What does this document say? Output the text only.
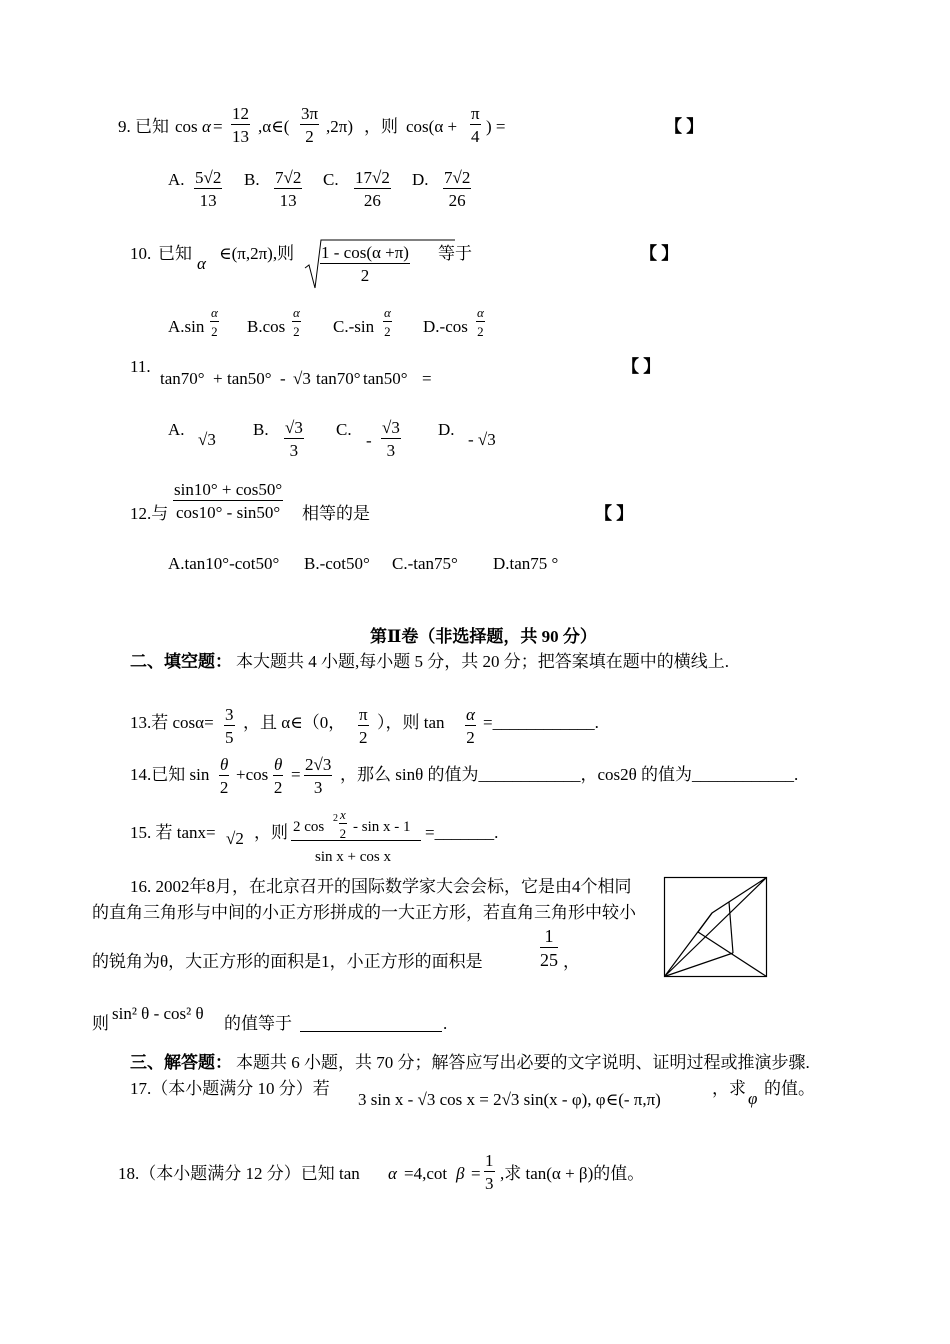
9. 已知 $\cos \alpha = \frac{12}{13}$ ,α∈( $\frac{3\pi}{2} ,2\pi$) ，则 $\cos(\alpha + \frac{\pi}{4}$ ) =	【 】
A. $\frac{5√2}{13} B$. $\frac{7√2}{13} C$. $\frac{17√2}{26} D$. $\frac{7√2}{26}$
10. 已知
α
∈(π,2π),则 $\frac{1 - \cos(\alpha +\pi)}{2}$ 等于	【 】
$A.\sin \frac{\alpha}{2} B.\cos \frac{\alpha}{2} C.-\sin \frac{\alpha}{2} D.-\cos \frac{\alpha}{2}$
11.
tan70° + tan50° - √3 tan70° tan50° =
【 】
A.
√3
B. $\frac{√3}{3} C$.
- $\frac{√3}{3} D$.
- √3
12.与 $\frac{\sin 10^\circ + \cos 50^\circ}{\cos 10^\circ - \sin 50^\circ}$ 相等的是	【 】
A.tan10°-cot50° B.-cot50° C.-tan75° D.tan75 °
第Ⅱ卷（非选择题，共 90 分）
二、填空题： 本大题共 4 小题,每小题 5 分，共 20 分；把答案填在题中的横线上.
13.若 $\cos\alpha= \frac{3}{5}$ ，且 α∈（0， $\frac{\pi}{2}$ ），则 $\tan \frac{\alpha}{2}$ =____________.
14.已知 $\sin \frac{\theta}{2} +\cos \frac{\theta}{2} = \frac{2√3}{3}$ ，那么 sinθ 的值为____________，cos2θ 的值为____________.
15. 若 tanx= √2 ，则 2 cos
$2 \frac{x}{2}$ - sin x - 1
sin x + cos x
=_______.
16. 2002年8月，在北京召开的国际数学家大会会标，它是由4个相同
的直角三角形与中间的小正方形拼成的一大正方形，若直角三角形中较小
的锐角为θ，大正方形的面积是1，小正方形的面积是	$\frac{1}{25}$ ，
则
sin² θ - cos² θ
的值等于	.
三、解答题： 本题共 6 小题，共 70 分；解答应写出必要的文字说明、证明过程或推演步骤.
17.（本小题满分 10 分）若
3 sin x - √3 cos x = 2√3 sin(x - φ), φ∈(- π,π)
，求
φ
的值。
18.（本小题满分 12 分）已知 tan α =4,cot $\beta = \frac{1}{3}$ ,求 tan(α + β)的值。
